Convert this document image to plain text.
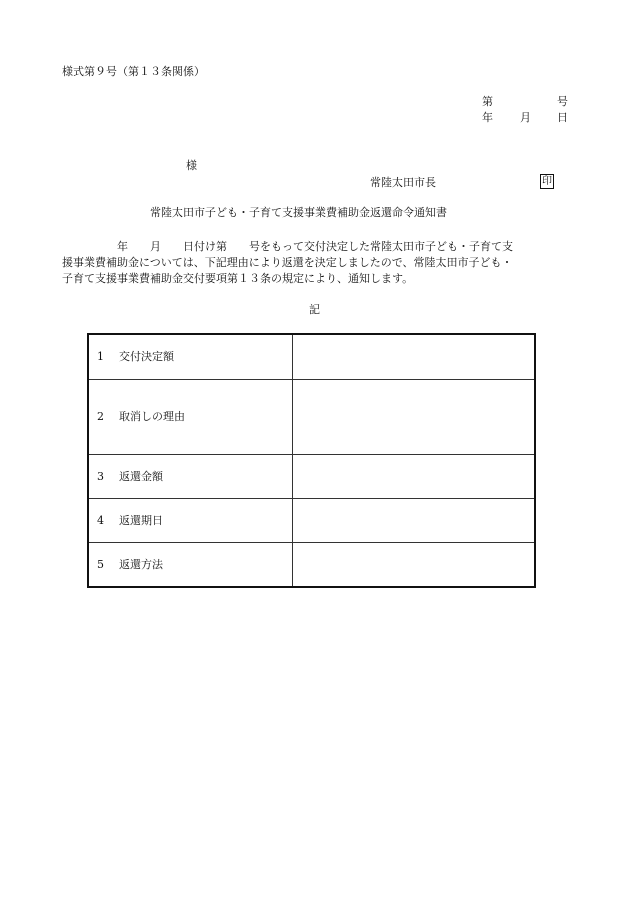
様式第９号（第１３条関係）
第	号
年 月 日
様
常陸太田市長	印
常陸太田市子ども・子育て支援事業費補助金返還命令通知書
　　　　　年　　月　　日付け第　　号をもって交付決定した常陸太田市子ども・子育て支
援事業費補助金については、下記理由により返還を決定しましたので、常陸太田市子ども・
子育て支援事業費補助金交付要項第１３条の規定により、通知します。
記
1 交付決定額	
2 取消しの理由	
3 返還金額	
4 返還期日	
5 返還方法	
